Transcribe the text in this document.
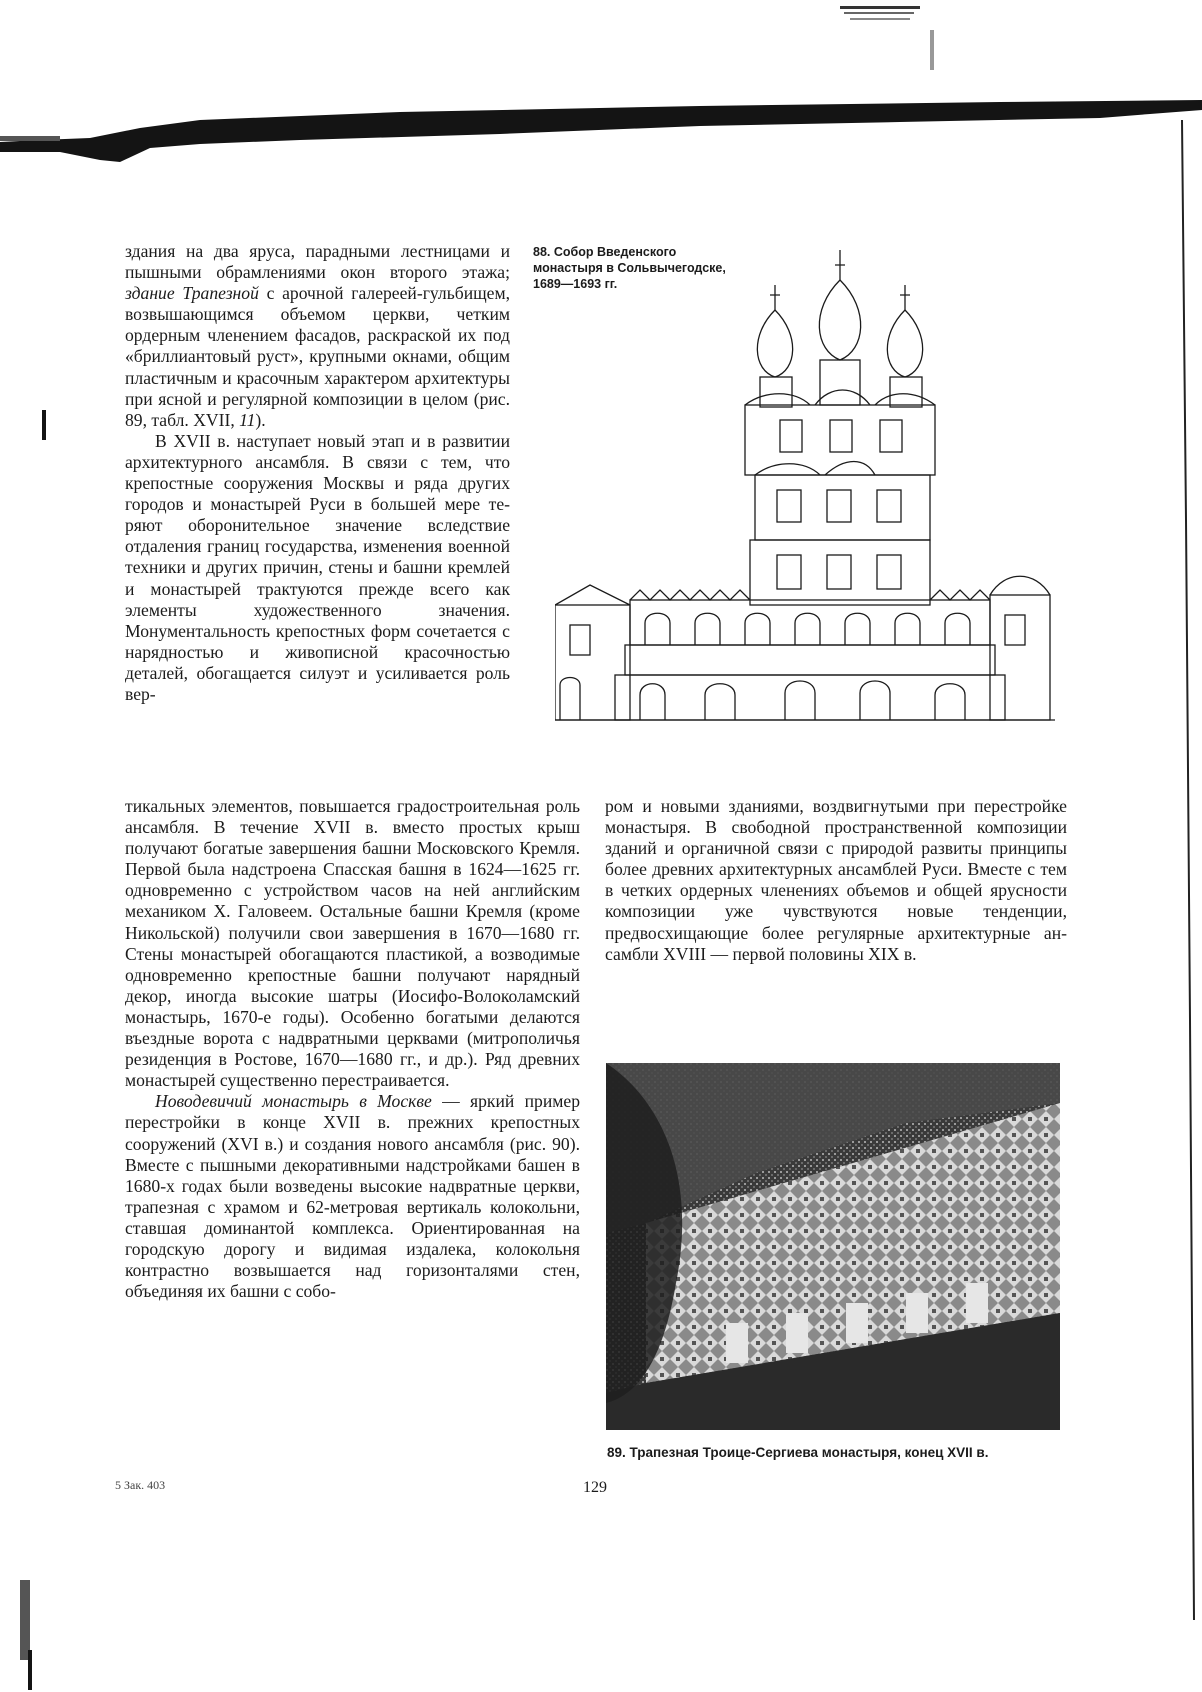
здания на два яруса, парадными лестницами и пышными обрамлениями окон второго этажа; здание Трапезной с арочной галереей-гульбищем, возвышающимся объемом церкви, четким ордерным членением фасадов, раскраской их под «бриллиантовый руст», крупными окнами, общим пластичным и красочным характером архитектуры при ясной и регулярной композиции в целом (рис. 89, табл. XVII, 11).

В XVII в. наступает новый этап и в развитии архитектурного ансамбля. В связи с тем, что крепостные сооружения Москвы и ряда других городов и монастырей Руси в большей мере теряют оборонительное значение вследствие отдаления границ государства, изменения военной техники и других причин, стены и башни кремлей и монастырей трактуются прежде всего как элементы художественного значения. Монументальность крепостных форм сочетается с нарядностью и живописной красочностью деталей, обогащается силуэт и усиливается роль вер-

88. Собор Введенского монастыря в Сольвычегодске, 1689—1693 гг.

тикальных элементов, повышается градостроительная роль ансамбля. В течение XVII в. вместо простых крыш получают богатые завершения башни Московского Кремля. Первой была надстроена Спасская башня в 1624—1625 гг. одновременно с устройством часов на ней английским механиком Х. Галовеем. Остальные башни Кремля (кроме Никольской) получили свои завершения в 1670—1680 гг. Стены монастырей обогащаются пластикой, а возводимые одновременно крепостные башни получают нарядный декор, иногда высокие шатры (Иосифо-Волоколамский монастырь, 1670-е годы). Особенно богатыми делаются въездные ворота с надвратными церквами (митрополичья резиденция в Ростове, 1670—1680 гг., и др.). Ряд древних монастырей существенно перестраивается.

Новодевичий монастырь в Москве — яркий пример перестройки в конце XVII в. прежних крепостных сооружений (XVI в.) и создания нового ансамбля (рис. 90). Вместе с пышными декоративными надстройками башен в 1680-х годах были возведены высокие надвратные церкви, трапезная с храмом и 62-метровая вертикаль колокольни, ставшая доминантой комплекса. Ориентированная на городскую дорогу и видимая издалека, колокольня контрастно возвышается над горизонталями стен, объединяя их башни с собо-

ром и новыми зданиями, воздвигнутыми при перестройке монастыря. В свободной пространственной композиции зданий и органичной связи с природой развиты принципы более древних архитектурных ансамблей Руси. Вместе с тем в четких ордерных членениях объемов и общей ярусности композиции уже чувствуются новые тенденции, предвосхищающие более регулярные архитектурные ансамбли XVIII — первой половины XIX в.

89. Трапезная Троице-Сергиева монастыря, конец XVII в.
5 Зак. 403	129
